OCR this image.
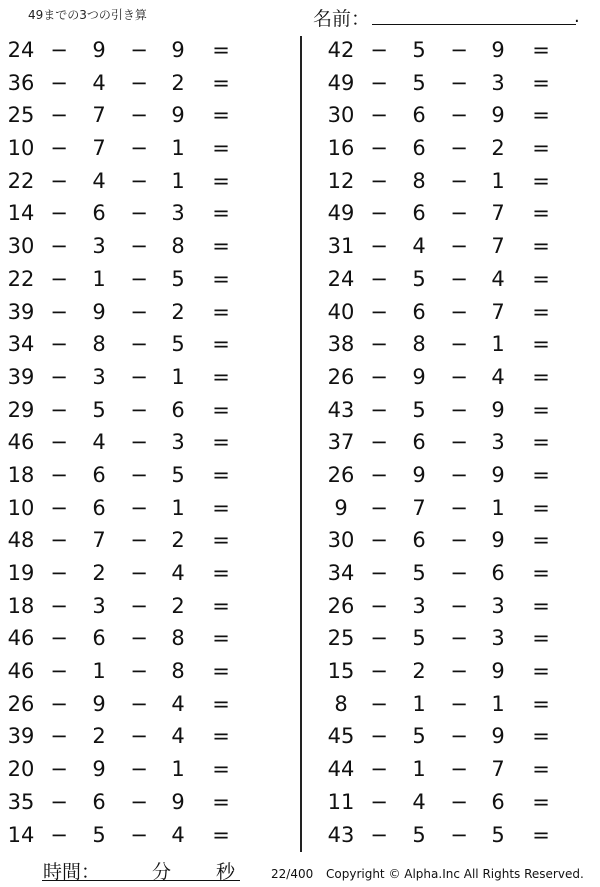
49までの3つの引き算	名前：	.
24 −	9	−	9	=
36 −	4	−	2	=
25 −	7	−	9	=
10 −	7	−	1	=
22 −	4	−	1	=
14 −	6	−	3	=
30 −	3	−	8	=
22 −	1	−	5	=
39 −	9	−	2	=
34 −	8	−	5	=
39 −	3	−	1	=
29 −	5	−	6	=
46 −	4	−	3	=
18 −	6	−	5	=
10 −	6	−	1	=
48 −	7	−	2	=
19 −	2	−	4	=
18 −	3	−	2	=
46 −	6	−	8	=
46 −	1	−	8	=
26 −	9	−	4	=
39 −	2	−	4	=
20 −	9	−	1	=
35 −	6	−	9	=
14 −	5	−	4	=
42 −	5	−	9	=
49 −	5	−	3	=
30 −	6	−	9	=
16 −	6	−	2	=
12 −	8	−	1	=
49 −	6	−	7	=
31 −	4	−	7	=
24 −	5	−	4	=
40 −	6	−	7	=
38 −	8	−	1	=
26 −	9	−	4	=
43 −	5	−	9	=
37 −	6	−	3	=
26 −	9	−	9	=
9	−	7	−	1	=
30 −	6	−	9	=
34 −	5	−	6	=
26 −	3	−	3	=
25 −	5	−	3	=
15 −	2	−	9	=
8	−	1	−	1	=
45 −	5	−	9	=
44 −	1	−	7	=
11 −	4	−	6	=
43 −	5	−	5	=
時間：	分 秒	22/400 Copyright © Alpha.Inc All Rights Reserved.
